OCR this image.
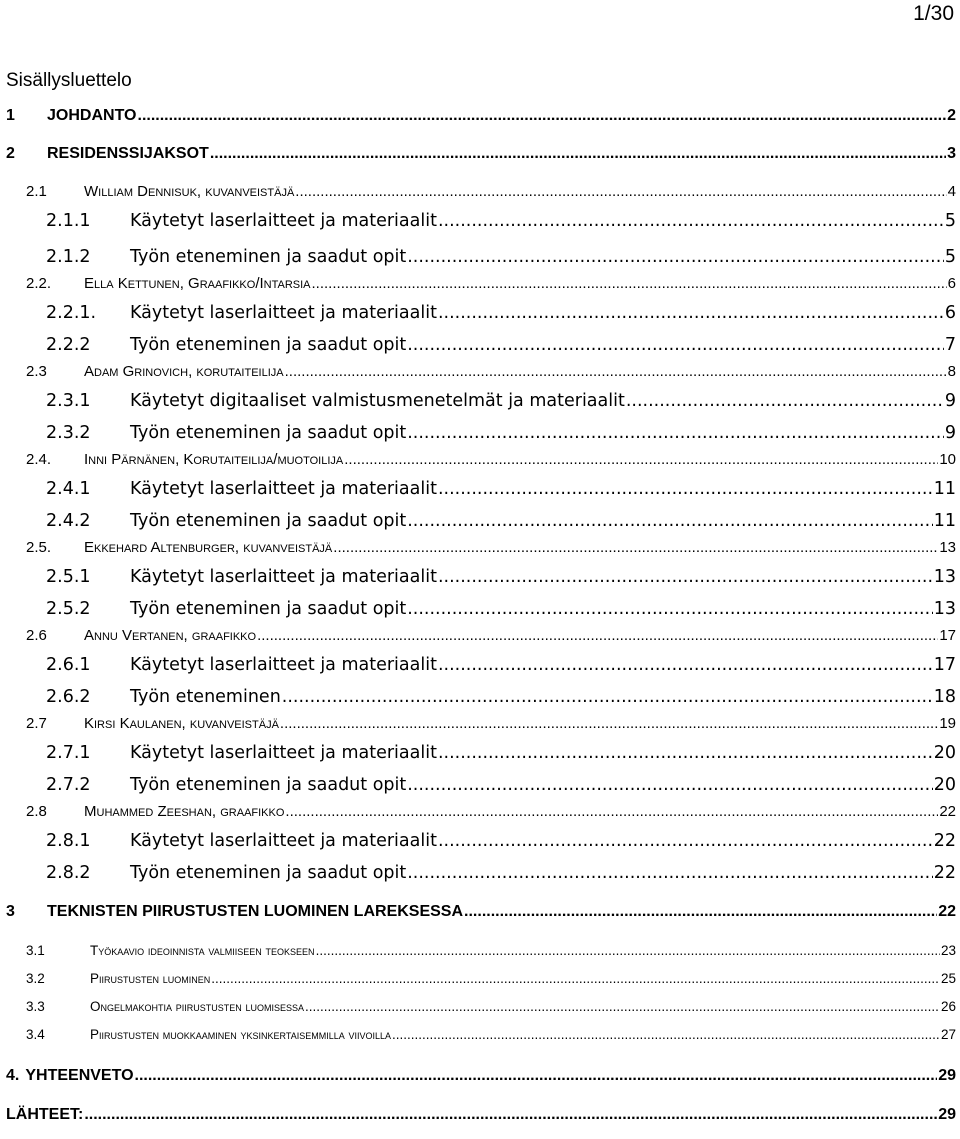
1/30
Sisällysluettelo
1	JOHDANTO .....	2
2	RESIDENSSIJAKSOT .....	3
2.1	William Dennisuk, kuvanveistäjä .....	4
2.1.1	Käytetyt laserlaitteet ja materiaalit .....	5
2.1.2	Työn eteneminen ja saadut opit .....	5
2.2.	Ella Kettunen, Graafikko/Intarsia .....	6
2.2.1.	Käytetyt laserlaitteet ja materiaalit .....	6
2.2.2	Työn eteneminen ja saadut opit .....	7
2.3	Adam Grinovich, korutaiteilija .....	8
2.3.1	Käytetyt digitaaliset valmistusmenetelmät ja materiaalit .....	9
2.3.2	Työn eteneminen ja saadut opit .....	9
2.4.	Inni Pärnänen, Korutaiteilija/muotoilija .....	10
2.4.1	Käytetyt laserlaitteet ja materiaalit .....	11
2.4.2	Työn eteneminen ja saadut opit .....	11
2.5.	Ekkehard Altenburger, kuvanveistäjä .....	13
2.5.1	Käytetyt laserlaitteet ja materiaalit .....	13
2.5.2	Työn eteneminen ja saadut opit .....	13
2.6	Annu Vertanen, graafikko .....	17
2.6.1	Käytetyt laserlaitteet ja materiaalit .....	17
2.6.2	Työn eteneminen .....	18
2.7	Kirsi Kaulanen, kuvanveistäjä .....	19
2.7.1	Käytetyt laserlaitteet ja materiaalit .....	20
2.7.2	Työn eteneminen ja saadut opit .....	20
2.8	Muhammed Zeeshan, graafikko .....	22
2.8.1	Käytetyt laserlaitteet ja materiaalit .....	22
2.8.2	Työn eteneminen ja saadut opit .....	22
3	TEKNISTEN PIIRUSTUSTEN LUOMINEN LAREKSESSA .....	22
3.1	Työkaavio ideoinnista valmiiseen teokseen .....	23
3.2	Piirustusten luominen .....	25
3.3	Ongelmakohtia piirustusten luomisessa .....	26
3.4	Piirustusten muokkaaminen yksinkertaisemmilla viivoilla .....	27
4. YHTEENVETO .....	29
LÄHTEET: .....	29
